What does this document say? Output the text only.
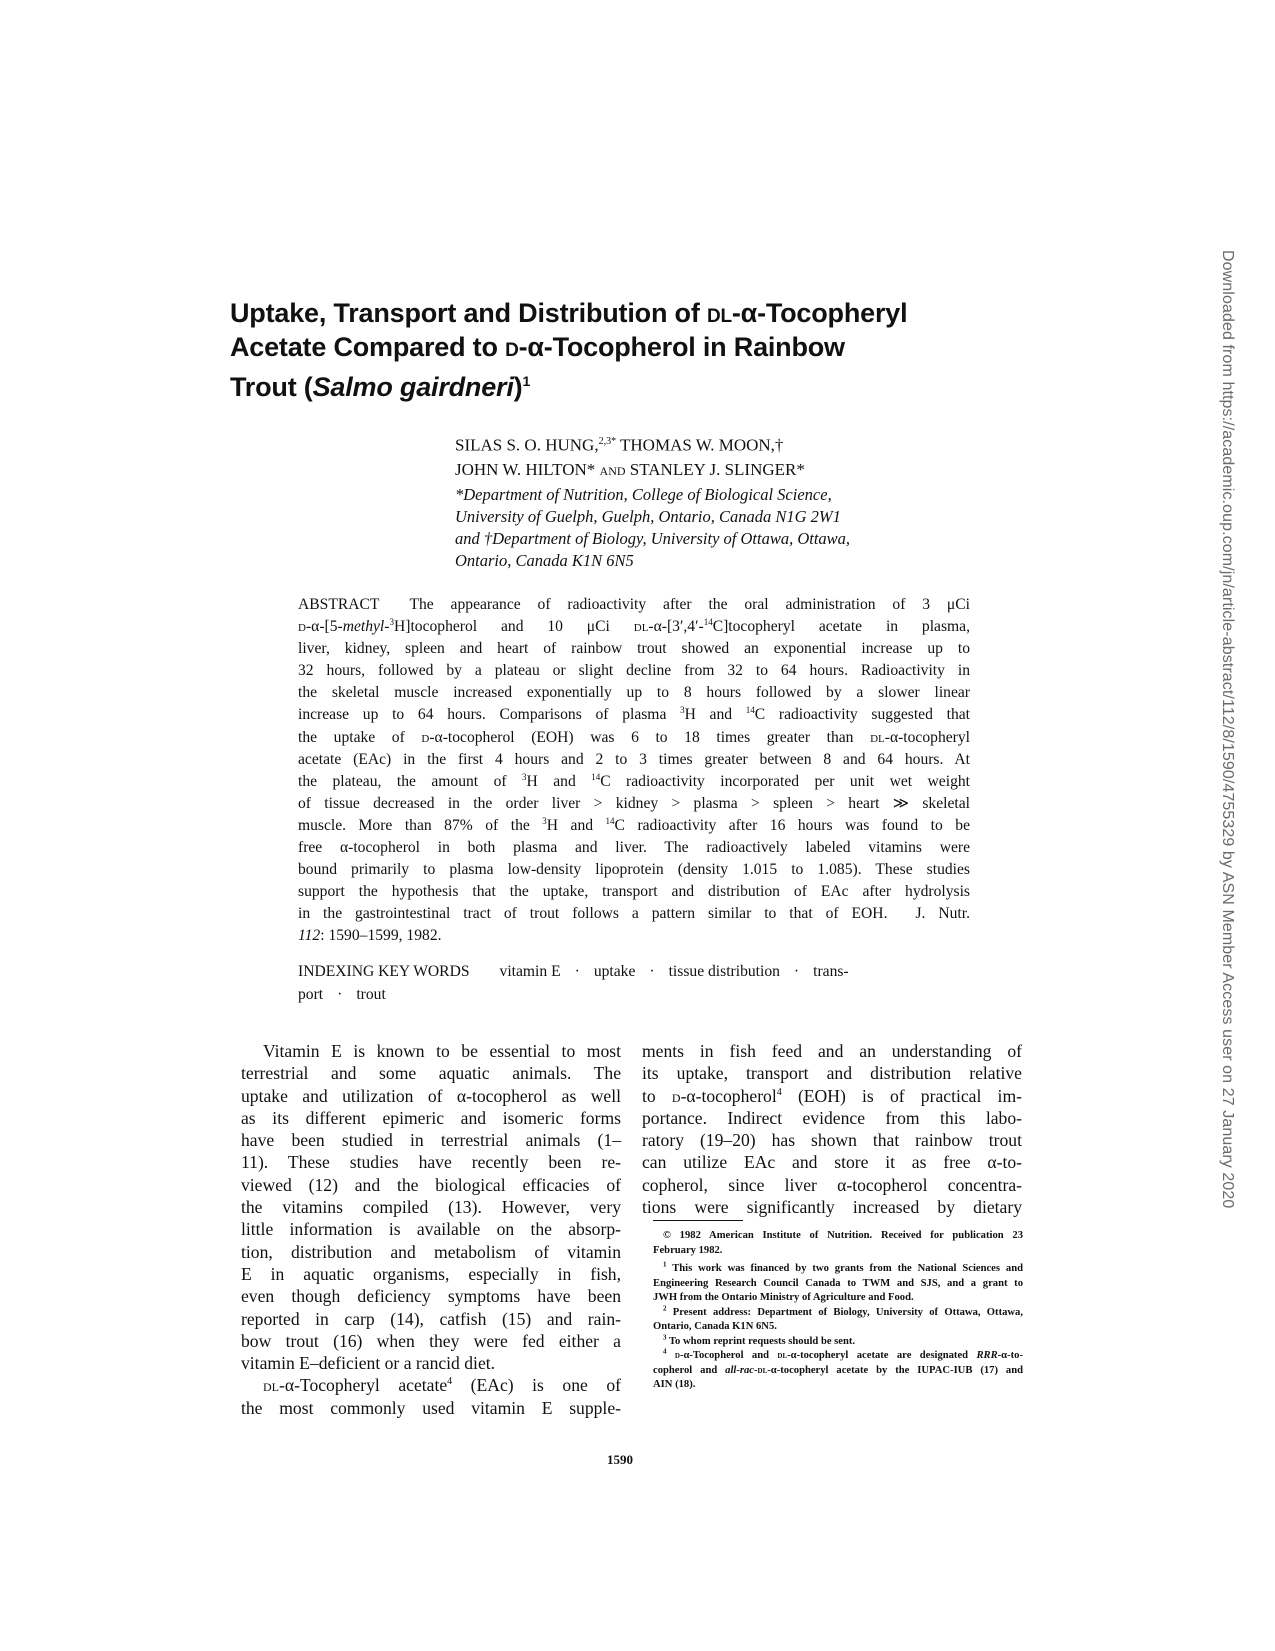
Downloaded from https://academic.oup.com/jn/article-abstract/112/8/1590/4755329 by ASN Member Access user on 27 January 2020
Uptake, Transport and Distribution of dl-α-Tocopheryl
Acetate Compared to d-α-Tocopherol in Rainbow
Trout (Salmo gairdneri)$^1$
SILAS S. O. HUNG,$^{2,3*}$ THOMAS W. MOON,†
JOHN W. HILTON* and STANLEY J. SLINGER*
*Department of Nutrition, College of Biological Science,
University of Guelph, Guelph, Ontario, Canada N1G 2W1
and †Department of Biology, University of Ottawa, Ottawa,
Ontario, Canada K1N 6N5
ABSTRACT The appearance of radioactivity after the oral administration of 3 μCi
d-α-[5-methyl-$^3$H]tocopherol and 10 μCi dl-α-[3′,4′-$^{14}$C]tocopheryl acetate in plasma,
liver, kidney, spleen and heart of rainbow trout showed an exponential increase up to
32 hours, followed by a plateau or slight decline from 32 to 64 hours. Radioactivity in
the skeletal muscle increased exponentially up to 8 hours followed by a slower linear
increase up to 64 hours. Comparisons of plasma $^3$H and $^{14}$C radioactivity suggested that
the uptake of d-α-tocopherol (EOH) was 6 to 18 times greater than dl-α-tocopheryl
acetate (EAc) in the first 4 hours and 2 to 3 times greater between 8 and 64 hours. At
the plateau, the amount of $^3$H and $^{14}$C radioactivity incorporated per unit wet weight
of tissue decreased in the order liver > kidney > plasma > spleen > heart ≫ skeletal
muscle. More than 87% of the $^3$H and $^{14}$C radioactivity after 16 hours was found to be
free α-tocopherol in both plasma and liver. The radioactively labeled vitamins were
bound primarily to plasma low-density lipoprotein (density 1.015 to 1.085). These studies
support the hypothesis that the uptake, transport and distribution of EAc after hydrolysis
in the gastrointestinal tract of trout follows a pattern similar to that of EOH. J. Nutr.
112: 1590–1599, 1982.
INDEXING KEY WORDS vitamin E · uptake · tissue distribution · trans-
port · trout
Vitamin E is known to be essential to most
terrestrial and some aquatic animals. The
uptake and utilization of α-tocopherol as well
as its different epimeric and isomeric forms
have been studied in terrestrial animals (1–
11). These studies have recently been re-
viewed (12) and the biological efficacies of
the vitamins compiled (13). However, very
little information is available on the absorp-
tion, distribution and metabolism of vitamin
E in aquatic organisms, especially in fish,
even though deficiency symptoms have been
reported in carp (14), catfish (15) and rain-
bow trout (16) when they were fed either a
vitamin E–deficient or a rancid diet.
dl-α-Tocopheryl acetate$^4$ (EAc) is one of
the most commonly used vitamin E supple-
ments in fish feed and an understanding of
its uptake, transport and distribution relative
to d-α-tocopherol$^4$ (EOH) is of practical im-
portance. Indirect evidence from this labo-
ratory (19–20) has shown that rainbow trout
can utilize EAc and store it as free α-to-
copherol, since liver α-tocopherol concentra-
tions were significantly increased by dietary
© 1982 American Institute of Nutrition. Received for publication 23
February 1982.
$^1$ This work was financed by two grants from the National Sciences and
Engineering Research Council Canada to TWM and SJS, and a grant to
JWH from the Ontario Ministry of Agriculture and Food.
$^2$ Present address: Department of Biology, University of Ottawa, Ottawa,
Ontario, Canada K1N 6N5.
$^3$ To whom reprint requests should be sent.
$^4$ d-α-Tocopherol and dl-α-tocopheryl acetate are designated RRR-α-to-
copherol and all-rac-dl-α-tocopheryl acetate by the IUPAC-IUB (17) and
AIN (18).
1590
